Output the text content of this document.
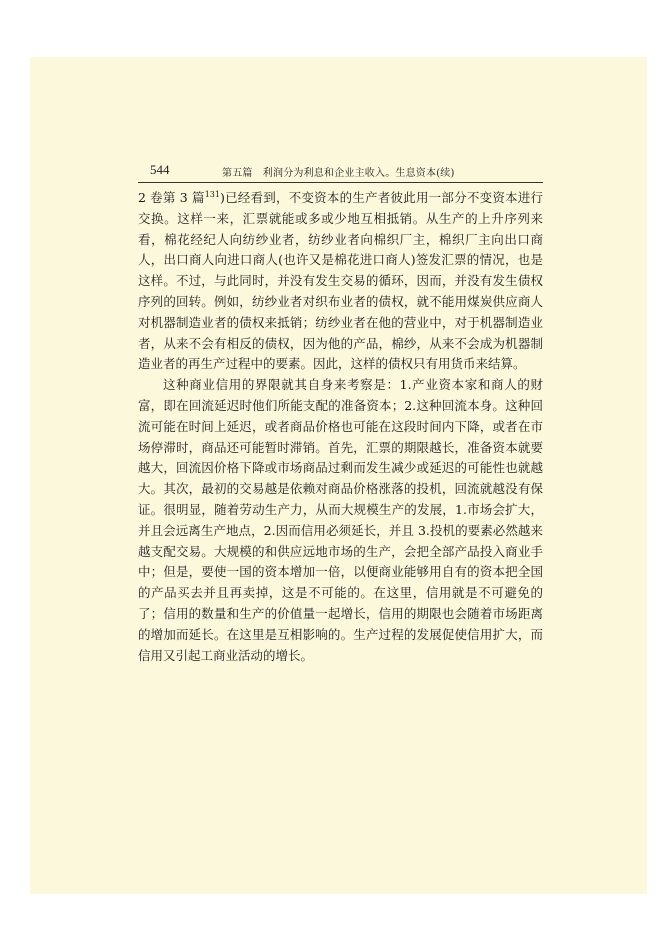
544	第五篇　利润分为利息和企业主收入。生息资本(续)

2 卷第 3 篇$^{131}$)已经看到，不变资本的生产者彼此用一部分不变资本进行交换。这样一来，汇票就能或多或少地互相抵销。从生产的上升序列来看，棉花经纪人向纺纱业者，纺纱业者向棉织厂主，棉织厂主向出口商人，出口商人向进口商人(也许又是棉花进口商人)签发汇票的情况，也是这样。不过，与此同时，并没有发生交易的循环，因而，并没有发生债权序列的回转。例如，纺纱业者对织布业者的债权，就不能用煤炭供应商人对机器制造业者的债权来抵销；纺纱业者在他的营业中，对于机器制造业者，从来不会有相反的债权，因为他的产品，棉纱，从来不会成为机器制造业者的再生产过程中的要素。因此，这样的债权只有用货币来结算。

这种商业信用的界限就其自身来考察是：1.产业资本家和商人的财富，即在回流延迟时他们所能支配的准备资本；2.这种回流本身。这种回流可能在时间上延迟，或者商品价格也可能在这段时间内下降，或者在市场停滞时，商品还可能暂时滞销。首先，汇票的期限越长，准备资本就要越大，回流因价格下降或市场商品过剩而发生减少或延迟的可能性也就越大。其次，最初的交易越是依赖对商品价格涨落的投机，回流就越没有保证。很明显，随着劳动生产力，从而大规模生产的发展，1.市场会扩大，并且会远离生产地点，2.因而信用必须延长，并且 3.投机的要素必然越来越支配交易。大规模的和供应远地市场的生产，会把全部产品投入商业手中；但是，要使一国的资本增加一倍，以便商业能够用自有的资本把全国的产品买去并且再卖掉，这是不可能的。在这里，信用就是不可避免的了；信用的数量和生产的价值量一起增长，信用的期限也会随着市场距离的增加而延长。在这里是互相影响的。生产过程的发展促使信用扩大，而信用又引起工商业活动的增长。
